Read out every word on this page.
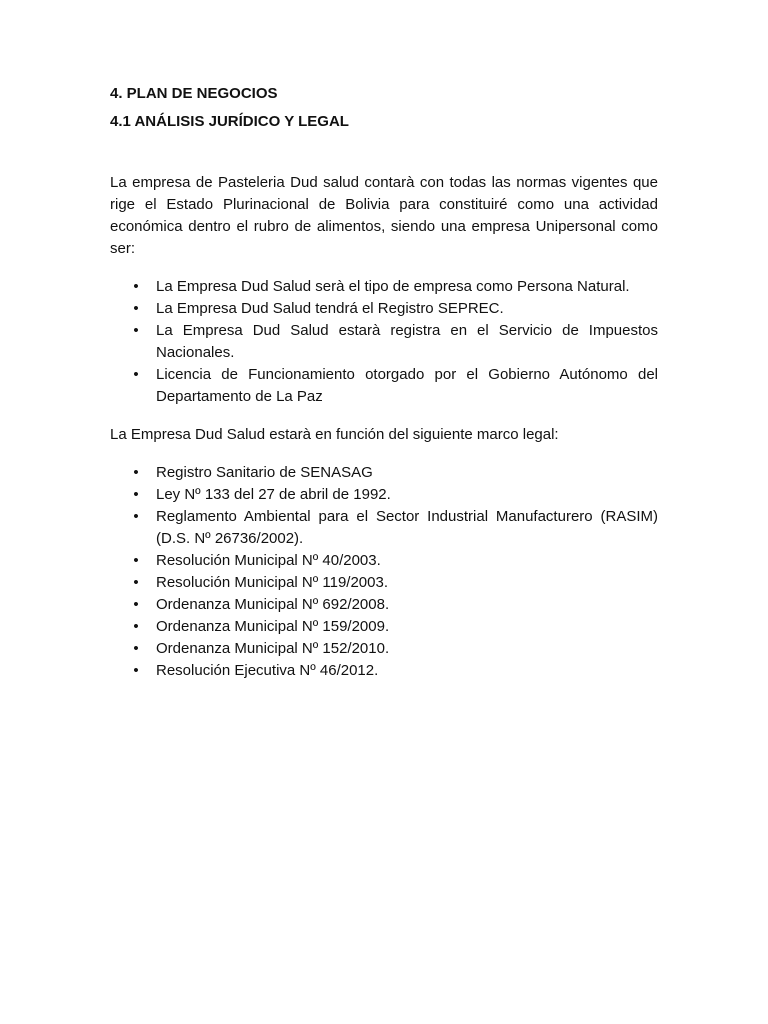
4. PLAN DE NEGOCIOS

4.1 ANÁLISIS JURÍDICO Y LEGAL

La empresa de Pasteleria Dud salud contarà con todas las normas vigentes que rige el Estado Plurinacional de Bolivia para constituiré como una actividad económica dentro el rubro de alimentos, siendo una empresa Unipersonal como ser:

• La Empresa Dud Salud serà el tipo de empresa como Persona Natural.
• La Empresa Dud Salud tendrá el Registro SEPREC.
• La Empresa Dud Salud estarà registra en el Servicio de Impuestos Nacionales.
• Licencia de Funcionamiento otorgado por el Gobierno Autónomo del Departamento de La Paz

La Empresa Dud Salud estarà en función del siguiente marco legal:

• Registro Sanitario de SENASAG
• Ley Nº 133 del 27 de abril de 1992.
• Reglamento Ambiental para el Sector Industrial Manufacturero (RASIM) (D.S. Nº 26736/2002).
• Resolución Municipal Nº 40/2003.
• Resolución Municipal Nº 119/2003.
• Ordenanza Municipal Nº 692/2008.
• Ordenanza Municipal Nº 159/2009.
• Ordenanza Municipal Nº 152/2010.
• Resolución Ejecutiva Nº 46/2012.
